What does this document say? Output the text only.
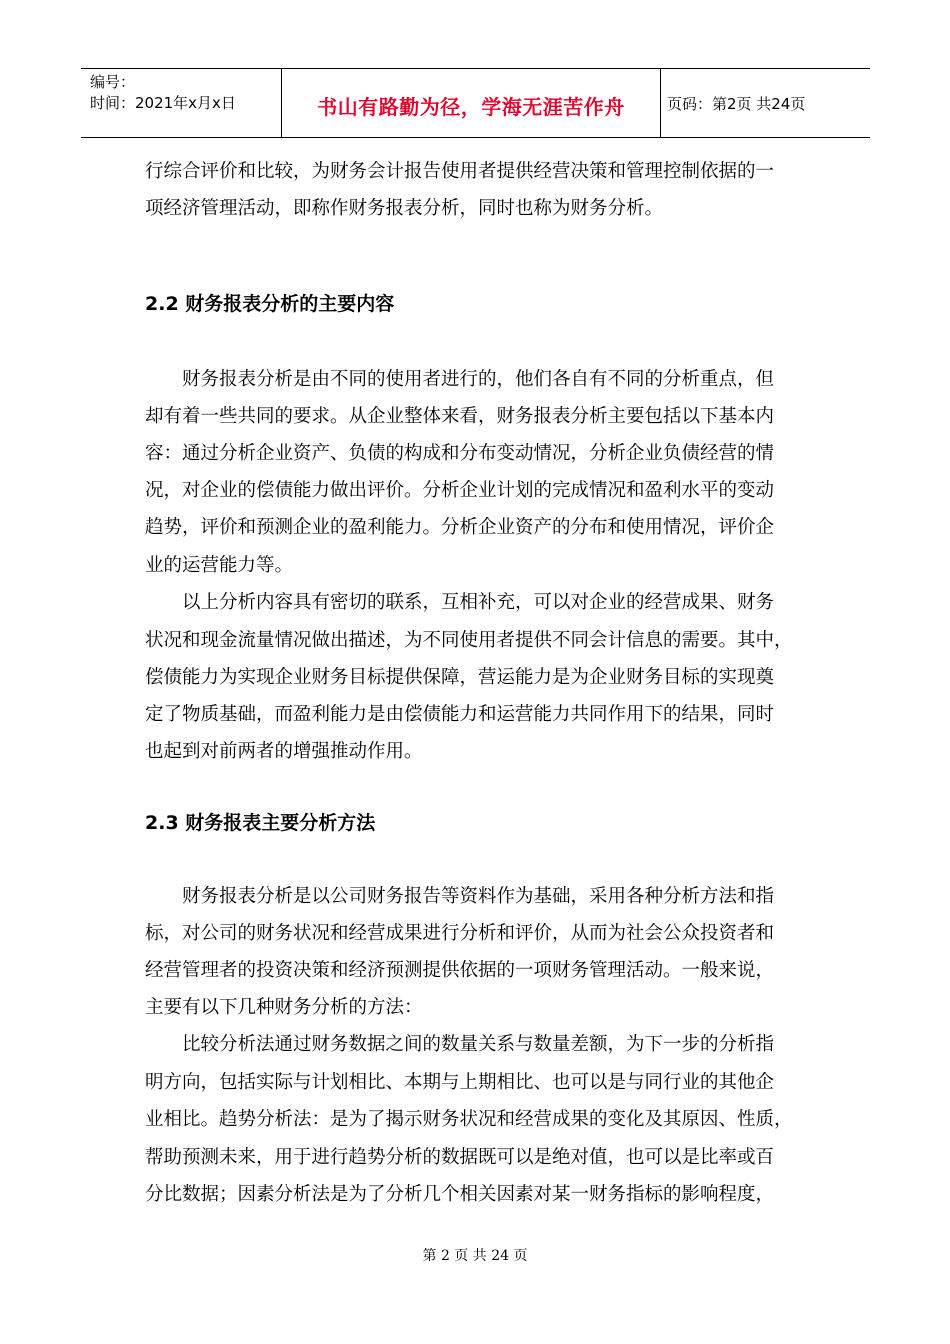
编号：
时间：2021年x月x日	书山有路勤为径，学海无涯苦作舟	页码：第2页 共24页
行综合评价和比较，为财务会计报告使用者提供经营决策和管理控制依据的一
项经济管理活动，即称作财务报表分析，同时也称为财务分析。
2.2 财务报表分析的主要内容
　　财务报表分析是由不同的使用者进行的，他们各自有不同的分析重点，但
却有着一些共同的要求。从企业整体来看，财务报表分析主要包括以下基本内
容：通过分析企业资产、负债的构成和分布变动情况，分析企业负债经营的情
况，对企业的偿债能力做出评价。分析企业计划的完成情况和盈利水平的变动
趋势，评价和预测企业的盈利能力。分析企业资产的分布和使用情况，评价企
业的运营能力等。
　　以上分析内容具有密切的联系，互相补充，可以对企业的经营成果、财务
状况和现金流量情况做出描述，为不同使用者提供不同会计信息的需要。其中，
偿债能力为实现企业财务目标提供保障，营运能力是为企业财务目标的实现奠
定了物质基础，而盈利能力是由偿债能力和运营能力共同作用下的结果，同时
也起到对前两者的增强推动作用。
2.3 财务报表主要分析方法
　　财务报表分析是以公司财务报告等资料作为基础，采用各种分析方法和指
标，对公司的财务状况和经营成果进行分析和评价，从而为社会公众投资者和
经营管理者的投资决策和经济预测提供依据的一项财务管理活动。一般来说，
主要有以下几种财务分析的方法：
　　比较分析法通过财务数据之间的数量关系与数量差额，为下一步的分析指
明方向，包括实际与计划相比、本期与上期相比、也可以是与同行业的其他企
业相比。趋势分析法：是为了揭示财务状况和经营成果的变化及其原因、性质，
帮助预测未来，用于进行趋势分析的数据既可以是绝对值，也可以是比率或百
分比数据；因素分析法是为了分析几个相关因素对某一财务指标的影响程度，
第 2 页 共 24 页
